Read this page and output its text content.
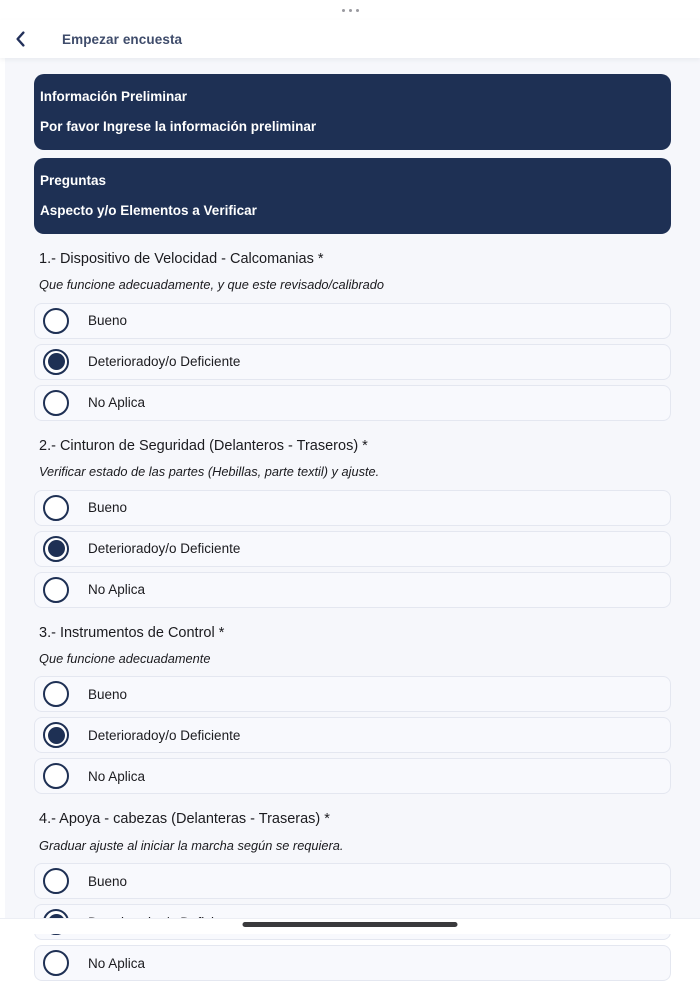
Empezar encuesta
Información Preliminar
Por favor Ingrese la información preliminar
Preguntas
Aspecto y/o Elementos a Verificar
1.- Dispositivo de Velocidad - Calcomanias *
Que funcione adecuadamente, y que este revisado/calibrado
Bueno
Deterioradoy/o Deficiente
No Aplica
2.- Cinturon de Seguridad (Delanteros - Traseros) *
Verificar estado de las partes (Hebillas, parte textil) y ajuste.
Bueno
Deterioradoy/o Deficiente
No Aplica
3.- Instrumentos de Control *
Que funcione adecuadamente
Bueno
Deterioradoy/o Deficiente
No Aplica
4.- Apoya - cabezas (Delanteras - Traseras) *
Graduar ajuste al iniciar la marcha según se requiera.
Bueno
No Aplica
